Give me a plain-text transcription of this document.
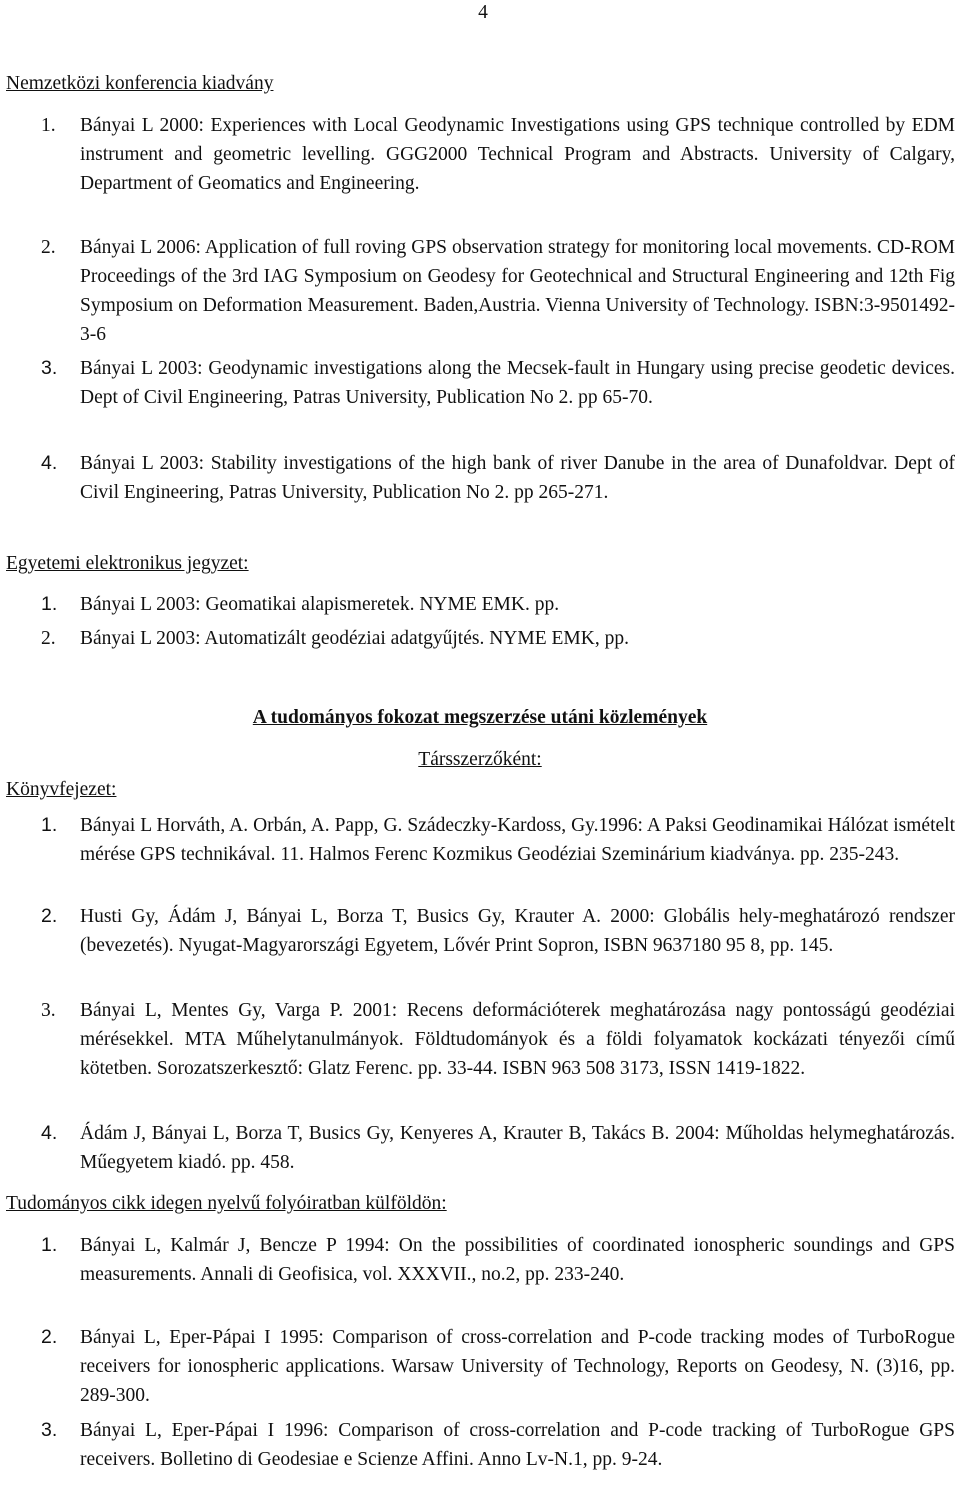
4
Nemzetközi konferencia kiadvány
1. Bányai L 2000: Experiences with Local Geodynamic Investigations using GPS technique controlled by EDM instrument and geometric levelling. GGG2000 Technical Program and Abstracts. University of Calgary, Department of Geomatics and Engineering.
2. Bányai L 2006: Application of full roving GPS observation strategy for monitoring local movements. CD-ROM Proceedings of the 3rd IAG Symposium on Geodesy for Geotechnical and Structural Engineering and 12th Fig Symposium on Deformation Measurement. Baden,Austria. Vienna University of Technology. ISBN:3-9501492-3-6
3. Bányai L 2003: Geodynamic investigations along the Mecsek-fault in Hungary using precise geodetic devices. Dept of Civil Engineering, Patras University, Publication No 2. pp 65-70.
4. Bányai L 2003: Stability investigations of the high bank of river Danube in the area of Dunafoldvar. Dept of Civil Engineering, Patras University, Publication No 2. pp 265-271.
Egyetemi elektronikus jegyzet:
1. Bányai L 2003: Geomatikai alapismeretek. NYME EMK. pp.
2. Bányai L 2003: Automatizált geodéziai adatgyűjtés. NYME EMK, pp.
A tudományos fokozat megszerzése utáni közlemények
Társszerzőként:
Könyvfejezet:
1. Bányai L Horváth, A. Orbán, A. Papp, G. Szádeczky-Kardoss, Gy.1996: A Paksi Geodinamikai Hálózat ismételt mérése GPS technikával. 11. Halmos Ferenc Kozmikus Geodéziai Szeminárium kiadványa. pp. 235-243.
2. Husti Gy, Ádám J, Bányai L, Borza T, Busics Gy, Krauter A. 2000: Globális hely-meghatározó rendszer (bevezetés). Nyugat-Magyarországi Egyetem, Lővér Print Sopron, ISBN 9637180 95 8, pp. 145.
3. Bányai L, Mentes Gy, Varga P. 2001: Recens deformációterek meghatározása nagy pontosságú geodéziai mérésekkel. MTA Műhelytanulmányok. Földtudományok és a földi folyamatok kockázati tényezői című kötetben. Sorozatszerkesztő: Glatz Ferenc. pp. 33-44. ISBN 963 508 3173, ISSN 1419-1822.
4. Ádám J, Bányai L, Borza T, Busics Gy, Kenyeres A, Krauter B, Takács B. 2004: Műholdas helymeghatározás. Műegyetem kiadó. pp. 458.
Tudományos cikk idegen nyelvű folyóiratban külföldön:
1. Bányai L, Kalmár J, Bencze P 1994: On the possibilities of coordinated ionospheric soundings and GPS measurements. Annali di Geofisica, vol. XXXVII., no.2, pp. 233-240.
2. Bányai L, Eper-Pápai I 1995: Comparison of cross-correlation and P-code tracking modes of TurboRogue receivers for ionospheric applications. Warsaw University of Technology, Reports on Geodesy, N. (3)16, pp. 289-300.
3. Bányai L, Eper-Pápai I 1996: Comparison of cross-correlation and P-code tracking of TurboRogue GPS receivers. Bolletino di Geodesiae e Scienze Affini. Anno Lv-N.1, pp. 9-24.
